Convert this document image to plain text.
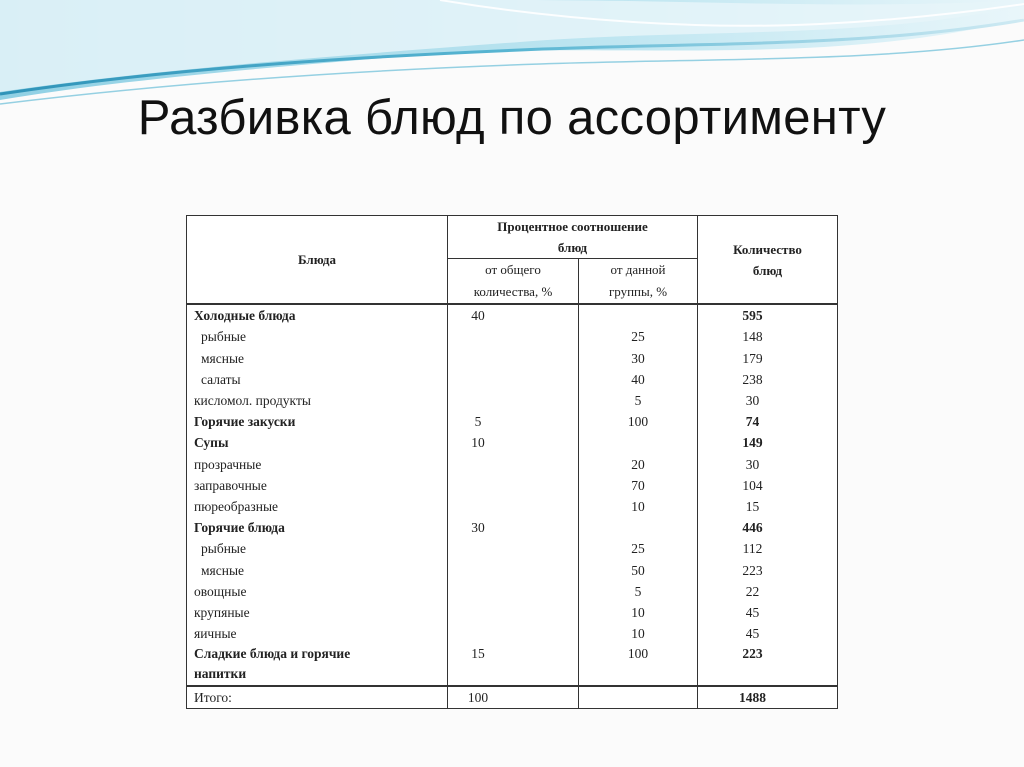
Разбивка блюд по ассортименту
Блюда	Процентное соотношение блюд		Количество блюд
	от общего количества, %	от данной группы, %	
Холодные блюда	40		595
рыбные		25	148
мясные		30	179
салаты		40	238
кисломол. продукты		5	30
Горячие закуски	5	100	74
Супы	10		149
прозрачные		20	30
заправочные		70	104
пюреобразные		10	15
Горячие блюда	30		446
рыбные		25	112
мясные		50	223
овощные		5	22
крупяные		10	45
яичные		10	45
Сладкие блюда и горячие напитки	15	100	223
Итого:	100		1488
